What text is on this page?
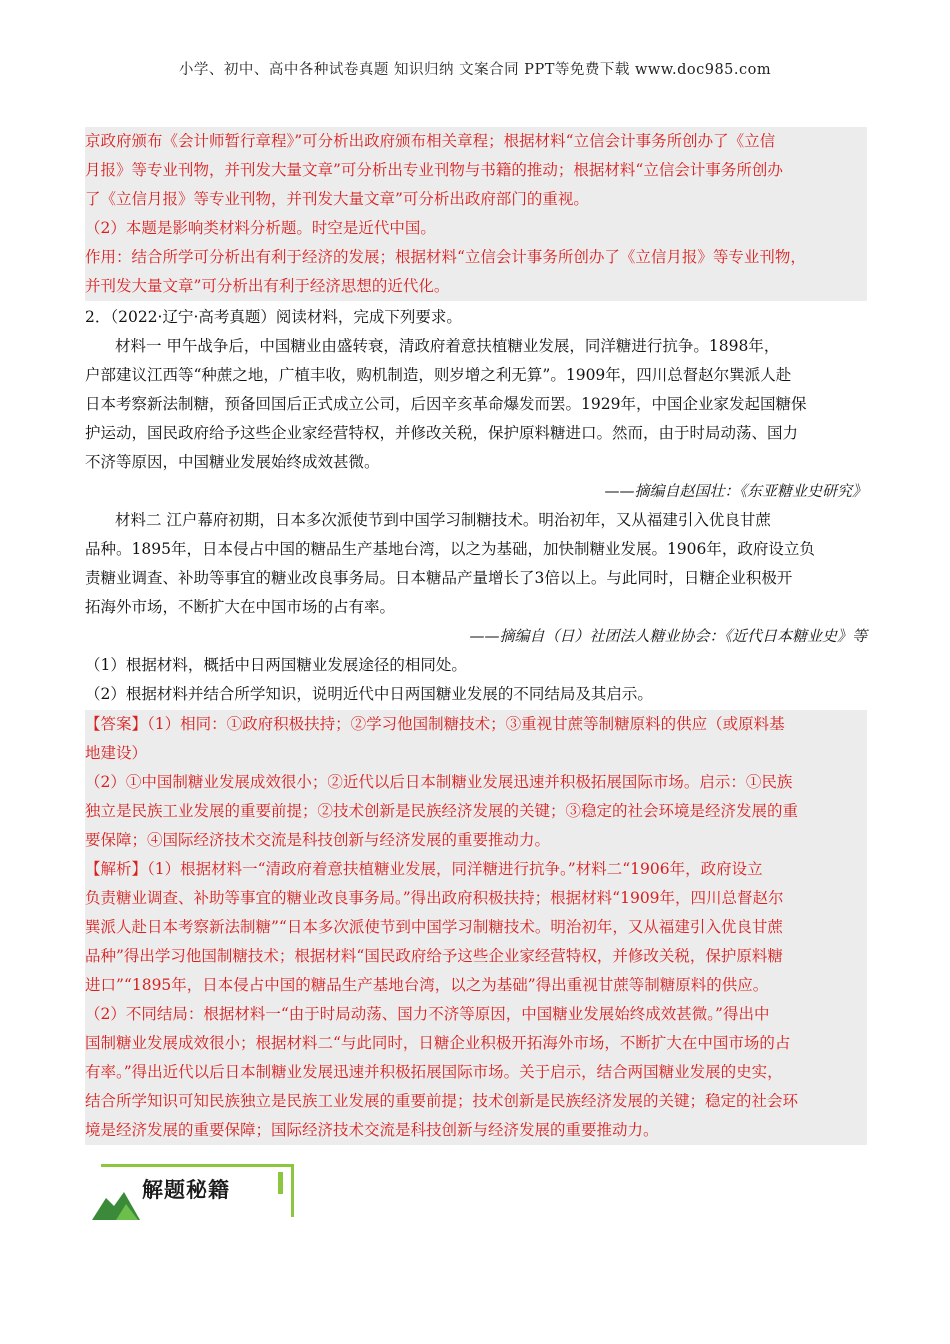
小学、初中、高中各种试卷真题 知识归纳 文案合同 PPT等免费下载 www.doc985.com
京政府颁布《会计师暂行章程》”可分析出政府颁布相关章程；根据材料“立信会计事务所创办了《立信
月报》等专业刊物，并刊发大量文章”可分析出专业刊物与书籍的推动；根据材料“立信会计事务所创办
了《立信月报》等专业刊物，并刊发大量文章”可分析出政府部门的重视。
（2）本题是影响类材料分析题。时空是近代中国。
作用：结合所学可分析出有利于经济的发展；根据材料“立信会计事务所创办了《立信月报》等专业刊物，
并刊发大量文章”可分析出有利于经济思想的近代化。
2．（2022·辽宁·高考真题）阅读材料，完成下列要求。
材料一 甲午战争后，中国糖业由盛转衰，清政府着意扶植糖业发展，同洋糖进行抗争。1898年，
户部建议江西等“种蔗之地，广植丰收，购机制造，则岁增之利无算”。1909年，四川总督赵尔巽派人赴
日本考察新法制糖，预备回国后正式成立公司，后因辛亥革命爆发而罢。1929年，中国企业家发起国糖保
护运动，国民政府给予这些企业家经营特权，并修改关税，保护原料糖进口。然而，由于时局动荡、国力
不济等原因，中国糖业发展始终成效甚微。
——摘编自赵国壮：《东亚糖业史研究》
材料二 江户幕府初期，日本多次派使节到中国学习制糖技术。明治初年，又从福建引入优良甘蔗
品种。1895年，日本侵占中国的糖品生产基地台湾，以之为基础，加快制糖业发展。1906年，政府设立负
责糖业调查、补助等事宜的糖业改良事务局。日本糖品产量增长了3倍以上。与此同时，日糖企业积极开
拓海外市场，不断扩大在中国市场的占有率。
——摘编自（日）社团法人糖业协会：《近代日本糖业史》等
（1）根据材料，概括中日两国糖业发展途径的相同处。
（2）根据材料并结合所学知识，说明近代中日两国糖业发展的不同结局及其启示。
【答案】（1）相同：①政府积极扶持；②学习他国制糖技术；③重视甘蔗等制糖原料的供应（或原料基
地建设）
（2）①中国制糖业发展成效很小；②近代以后日本制糖业发展迅速并积极拓展国际市场。启示：①民族
独立是民族工业发展的重要前提；②技术创新是民族经济发展的关键；③稳定的社会环境是经济发展的重
要保障；④国际经济技术交流是科技创新与经济发展的重要推动力。
【解析】（1）根据材料一“清政府着意扶植糖业发展，同洋糖进行抗争。”材料二“1906年，政府设立
负责糖业调查、补助等事宜的糖业改良事务局。”得出政府积极扶持；根据材料“1909年，四川总督赵尔
巽派人赴日本考察新法制糖”“日本多次派使节到中国学习制糖技术。明治初年，又从福建引入优良甘蔗
品种”得出学习他国制糖技术；根据材料“国民政府给予这些企业家经营特权，并修改关税，保护原料糖
进口”“1895年，日本侵占中国的糖品生产基地台湾，以之为基础”得出重视甘蔗等制糖原料的供应。
（2）不同结局：根据材料一“由于时局动荡、国力不济等原因，中国糖业发展始终成效甚微。”得出中
国制糖业发展成效很小；根据材料二“与此同时，日糖企业积极开拓海外市场，不断扩大在中国市场的占
有率。”得出近代以后日本制糖业发展迅速并积极拓展国际市场。关于启示，结合两国糖业发展的史实，
结合所学知识可知民族独立是民族工业发展的重要前提；技术创新是民族经济发展的关键；稳定的社会环
境是经济发展的重要保障；国际经济技术交流是科技创新与经济发展的重要推动力。
解题秘籍
